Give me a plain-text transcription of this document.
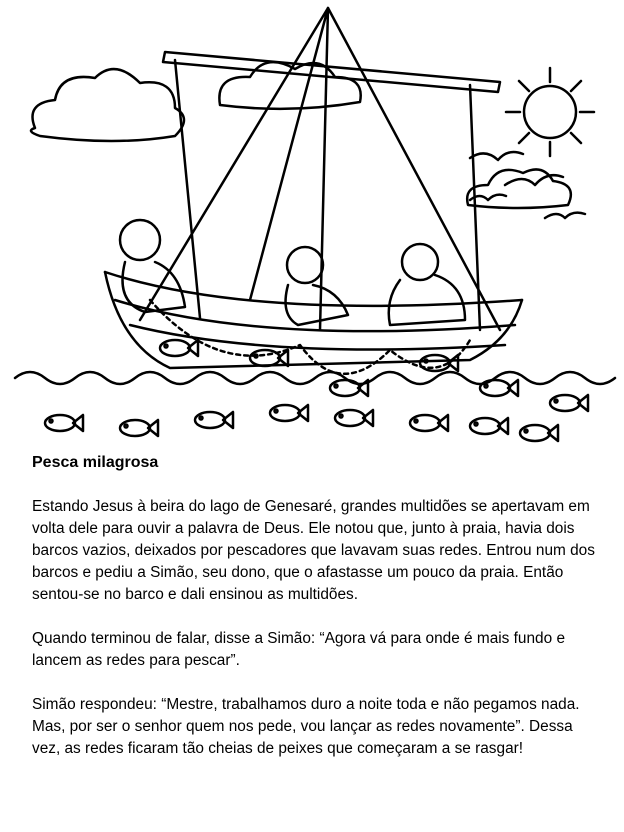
Pesca milagrosa

Estando Jesus à beira do lago de Genesaré, grandes multidões se apertavam em volta dele para ouvir a palavra de Deus. Ele notou que, junto à praia, havia dois barcos vazios, deixados por pescadores que lavavam suas redes. Entrou num dos barcos e pediu a Simão, seu dono, que o afastasse um pouco da praia. Então sentou-se no barco e dali ensinou as multidões.

Quando terminou de falar, disse a Simão: “Agora vá para onde é mais fundo e lancem as redes para pescar”.

Simão respondeu: “Mestre, trabalhamos duro a noite toda e não pegamos nada. Mas, por ser o senhor quem nos pede, vou lançar as redes novamente”. Dessa vez, as redes ficaram tão cheias de peixes que começaram a se rasgar!
